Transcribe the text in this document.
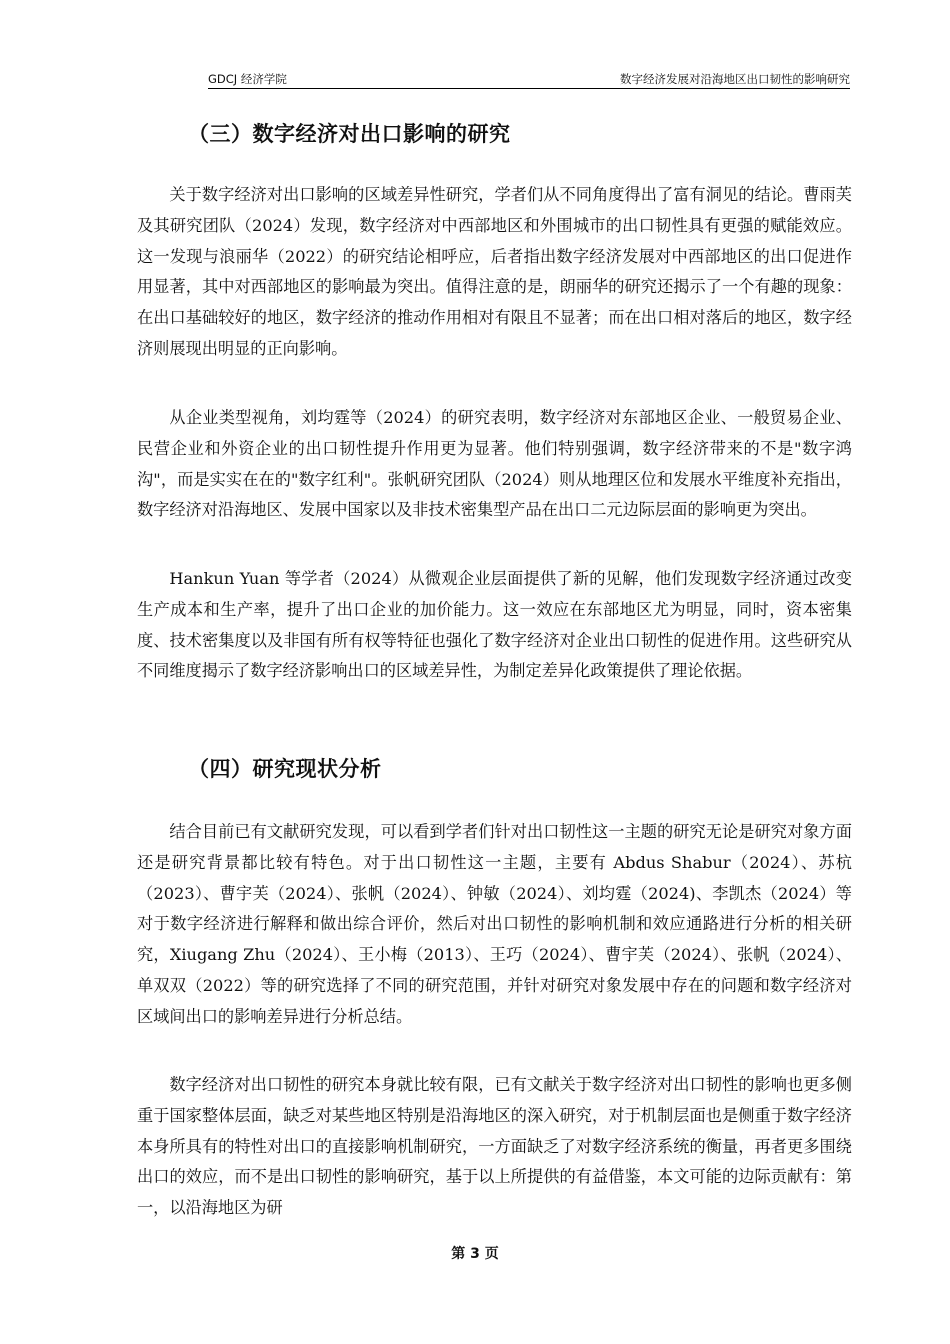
GDCJ 经济学院	数字经济发展对沿海地区出口韧性的影响研究
（三）数字经济对出口影响的研究

关于数字经济对出口影响的区域差异性研究，学者们从不同角度得出了富有洞见的结论。曹雨芙及其研究团队（2024）发现，数字经济对中西部地区和外围城市的出口韧性具有更强的赋能效应。这一发现与浪丽华（2022）的研究结论相呼应，后者指出数字经济发展对中西部地区的出口促进作用显著，其中对西部地区的影响最为突出。值得注意的是，朗丽华的研究还揭示了一个有趣的现象：在出口基础较好的地区，数字经济的推动作用相对有限且不显著；而在出口相对落后的地区，数字经济则展现出明显的正向影响。

从企业类型视角，刘均霆等（2024）的研究表明，数字经济对东部地区企业、一般贸易企业、民营企业和外资企业的出口韧性提升作用更为显著。他们特别强调，数字经济带来的不是"数字鸿沟"，而是实实在在的"数字红利"。张帆研究团队（2024）则从地理区位和发展水平维度补充指出，数字经济对沿海地区、发展中国家以及非技术密集型产品在出口二元边际层面的影响更为突出。

Hankun Yuan 等学者（2024）从微观企业层面提供了新的见解，他们发现数字经济通过改变生产成本和生产率，提升了出口企业的加价能力。这一效应在东部地区尤为明显，同时，资本密集度、技术密集度以及非国有所有权等特征也强化了数字经济对企业出口韧性的促进作用。这些研究从不同维度揭示了数字经济影响出口的区域差异性，为制定差异化政策提供了理论依据。

（四）研究现状分析

结合目前已有文献研究发现，可以看到学者们针对出口韧性这一主题的研究无论是研究对象方面还是研究背景都比较有特色。对于出口韧性这一主题，主要有 Abdus Shabur（2024）、苏杭（2023）、曹宇芙（2024）、张帆（2024）、钟敏（2024）、刘均霆（2024)、李凯杰（2024）等对于数字经济进行解释和做出综合评价，然后对出口韧性的影响机制和效应通路进行分析的相关研究，Xiugang Zhu（2024）、王小梅（2013）、王巧（2024）、曹宇芙（2024）、张帆（2024）、单双双（2022）等的研究选择了不同的研究范围，并针对研究对象发展中存在的问题和数字经济对区域间出口的影响差异进行分析总结。

数字经济对出口韧性的研究本身就比较有限，已有文献关于数字经济对出口韧性的影响也更多侧重于国家整体层面，缺乏对某些地区特别是沿海地区的深入研究，对于机制层面也是侧重于数字经济本身所具有的特性对出口的直接影响机制研究，一方面缺乏了对数字经济系统的衡量，再者更多围绕出口的效应，而不是出口韧性的影响研究，基于以上所提供的有益借鉴，本文可能的边际贡献有：第一，以沿海地区为研

第 3 页
